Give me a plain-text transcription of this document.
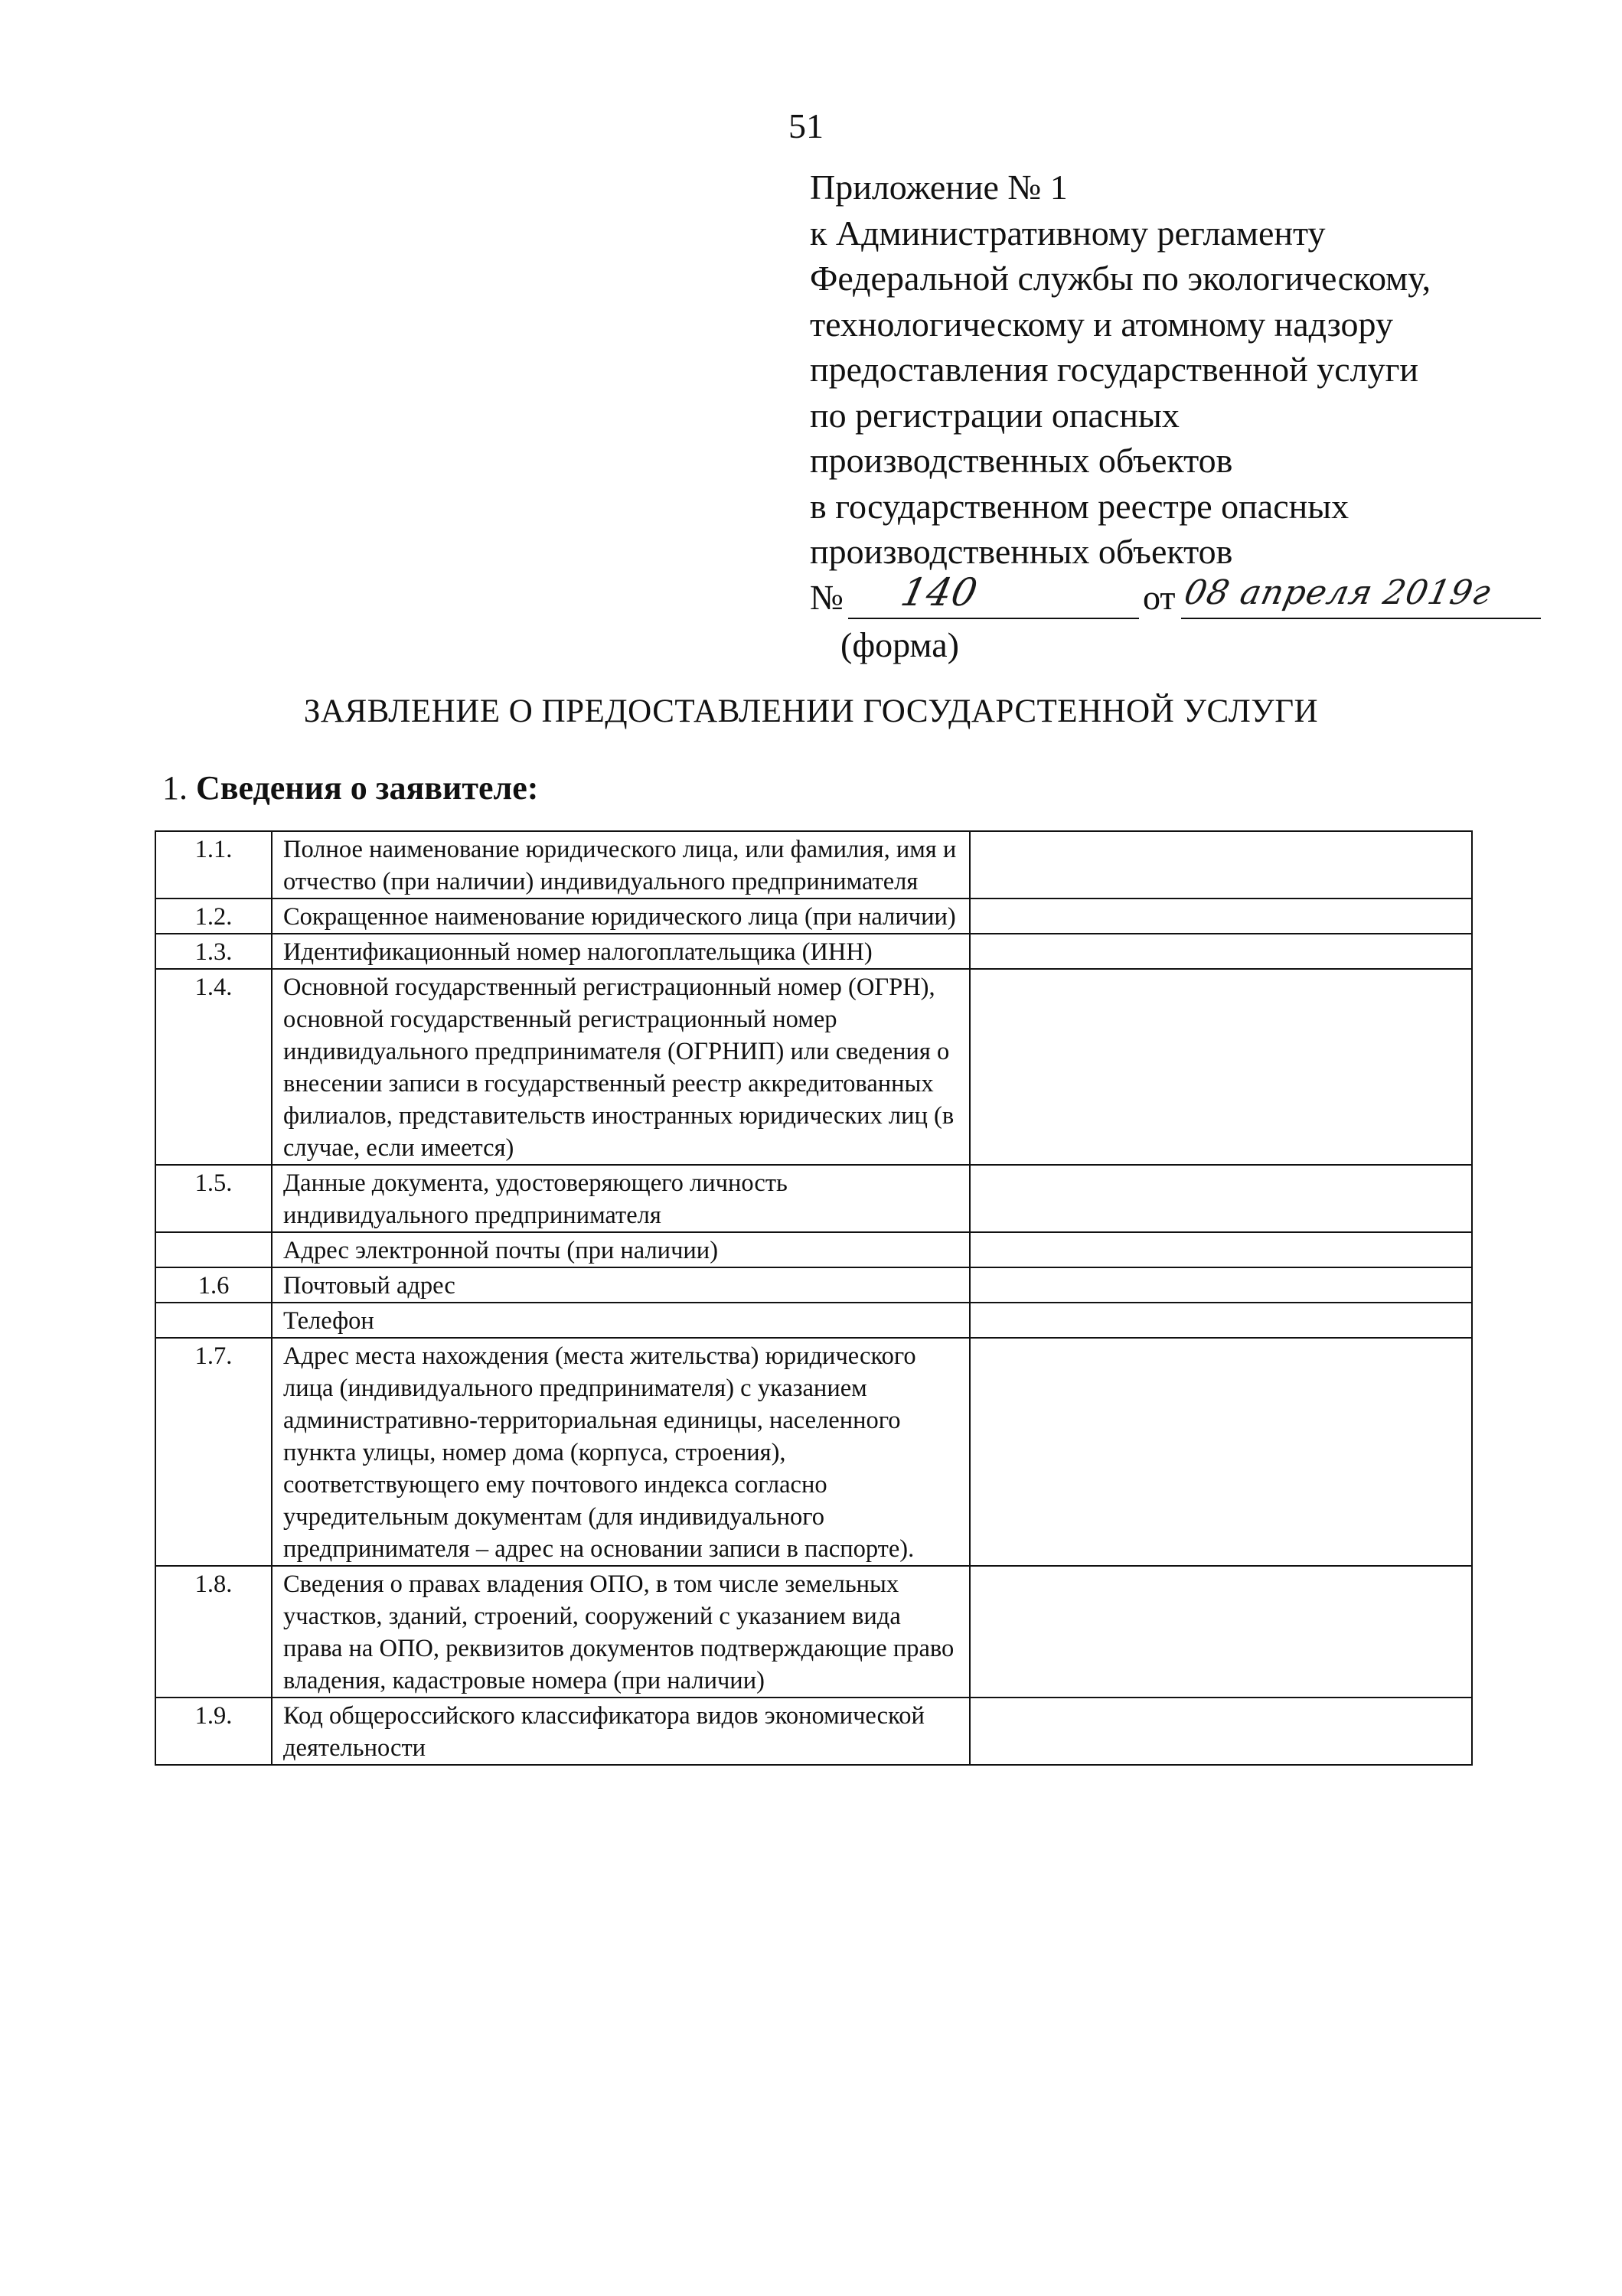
51
Приложение № 1
к Административному регламенту
Федеральной службы по экологическому,
технологическому и атомному надзору
предоставления государственной услуги
по регистрации опасных
производственных объектов
в государственном реестре опасных
производственных объектов
№ 140	от 08 апреля 2019г
(форма)
ЗАЯВЛЕНИЕ О ПРЕДОСТАВЛЕНИИ ГОСУДАРСТЕННОЙ УСЛУГИ
1. Сведения о заявителе:
1.1.	Полное наименование юридического лица, или фамилия, имя и отчество (при наличии) индивидуального предпринимателя	
1.2.	Сокращенное наименование юридического лица (при наличии)	
1.3.	Идентификационный номер налогоплательщика (ИНН)	
1.4.	Основной государственный регистрационный номер (ОГРН), основной государственный регистрационный номер индивидуального предпринимателя (ОГРНИП) или сведения о внесении записи в государственный реестр аккредитованных филиалов, представительств иностранных юридических лиц (в случае, если имеется)	
1.5.	Данные документа, удостоверяющего личность индивидуального предпринимателя	
	Адрес электронной почты (при наличии)	
1.6	Почтовый адрес	
	Телефон	
1.7.	Адрес места нахождения (места жительства) юридического лица (индивидуального предпринимателя) с указанием административно-территориальная единицы, населенного пункта улицы, номер дома (корпуса, строения), соответствующего ему почтового индекса согласно учредительным документам (для индивидуального предпринимателя – адрес на основании записи в паспорте).	
1.8.	Сведения о правах владения ОПО, в том числе земельных участков, зданий, строений, сооружений с указанием вида права на ОПО, реквизитов документов подтверждающие право владения, кадастровые номера (при наличии)	
1.9.	Код общероссийского классификатора видов экономической деятельности	
